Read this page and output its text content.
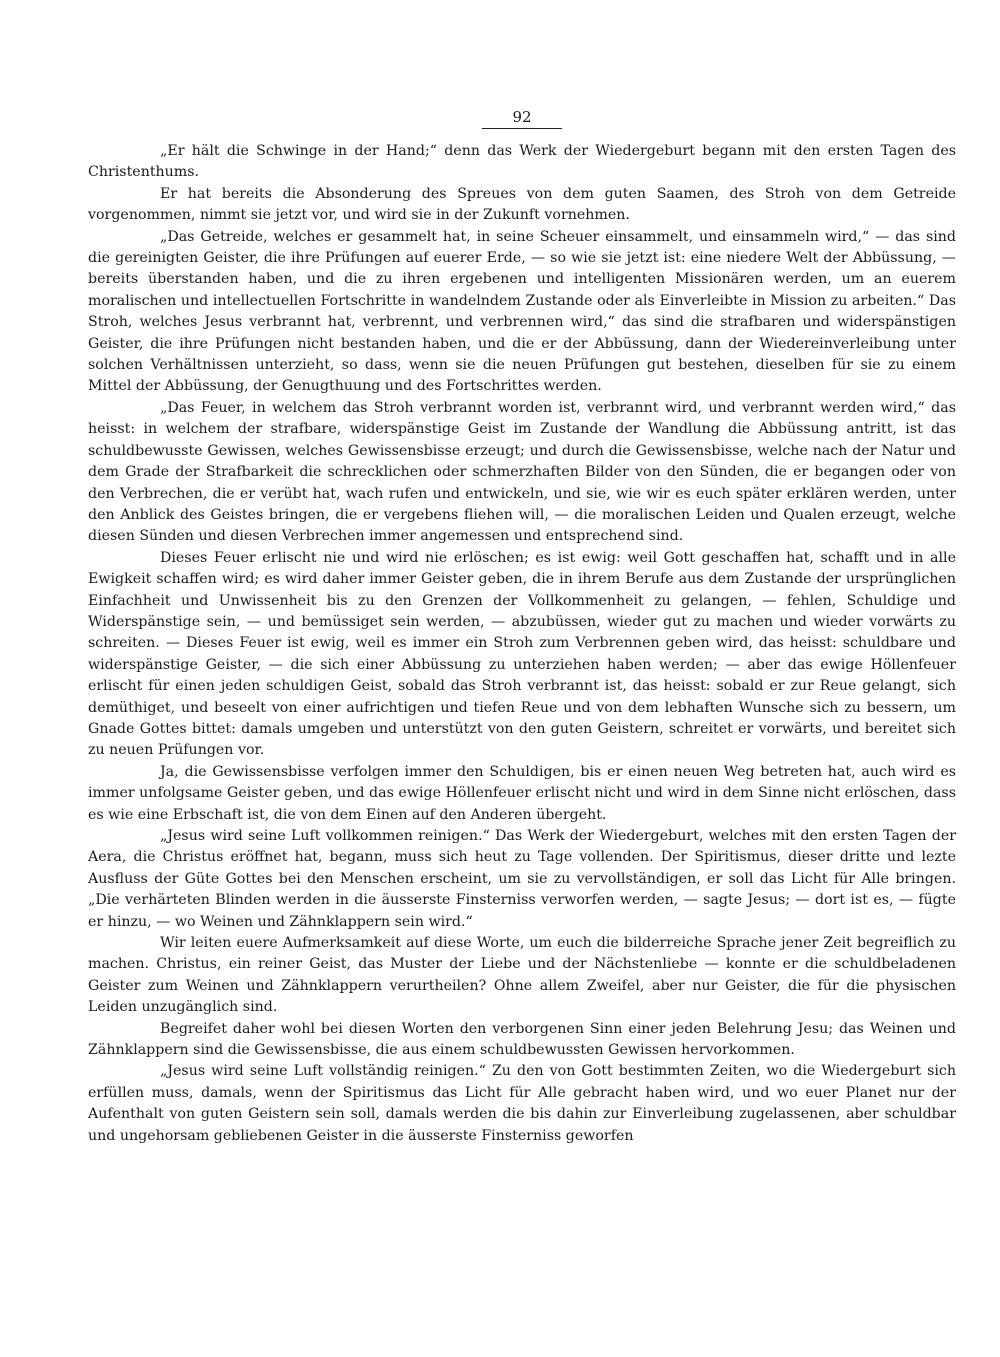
92

„Er hält die Schwinge in der Hand;“ denn das Werk der Wiedergeburt begann mit den ersten Tagen des Christenthums.

Er hat bereits die Absonderung des Spreues von dem guten Saamen, des Stroh von dem Getreide vorgenommen, nimmt sie jetzt vor, und wird sie in der Zukunft vornehmen.

„Das Getreide, welches er gesammelt hat, in seine Scheuer einsammelt, und einsammeln wird,“ — das sind die gereinigten Geister, die ihre Prüfungen auf euerer Erde, — so wie sie jetzt ist: eine niedere Welt der Abbüssung, — bereits überstanden haben, und die zu ihren ergebenen und intelligenten Missionären werden, um an euerem moralischen und intellectuellen Fortschritte in wandelndem Zustande oder als Einverleibte in Mission zu arbeiten.“ Das Stroh, welches Jesus verbrannt hat, verbrennt, und verbrennen wird,“ das sind die strafbaren und widerspänstigen Geister, die ihre Prüfungen nicht bestanden haben, und die er der Abbüssung, dann der Wiedereinverleibung unter solchen Verhältnissen unterzieht, so dass, wenn sie die neuen Prüfungen gut bestehen, dieselben für sie zu einem Mittel der Abbüssung, der Genugthuung und des Fortschrittes werden.

„Das Feuer, in welchem das Stroh verbrannt worden ist, verbrannt wird, und verbrannt werden wird,“ das heisst: in welchem der strafbare, widerspänstige Geist im Zustande der Wandlung die Abbüssung antritt, ist das schuldbewusste Gewissen, welches Gewissensbisse erzeugt; und durch die Gewissensbisse, welche nach der Natur und dem Grade der Strafbarkeit die schrecklichen oder schmerzhaften Bilder von den Sünden, die er begangen oder von den Verbrechen, die er verübt hat, wach rufen und entwickeln, und sie, wie wir es euch später erklären werden, unter den Anblick des Geistes bringen, die er vergebens fliehen will, — die moralischen Leiden und Qualen erzeugt, welche diesen Sünden und diesen Verbrechen immer angemessen und entsprechend sind.

Dieses Feuer erlischt nie und wird nie erlöschen; es ist ewig: weil Gott geschaffen hat, schafft und in alle Ewigkeit schaffen wird; es wird daher immer Geister geben, die in ihrem Berufe aus dem Zustande der ursprünglichen Einfachheit und Unwissenheit bis zu den Grenzen der Vollkommenheit zu gelangen, — fehlen, Schuldige und Widerspänstige sein, — und bemüssiget sein werden, — abzubüssen, wieder gut zu machen und wieder vorwärts zu schreiten. — Dieses Feuer ist ewig, weil es immer ein Stroh zum Verbrennen geben wird, das heisst: schuldbare und widerspänstige Geister, — die sich einer Abbüssung zu unterziehen haben werden; — aber das ewige Höllenfeuer erlischt für einen jeden schuldigen Geist, sobald das Stroh verbrannt ist, das heisst: sobald er zur Reue gelangt, sich demüthiget, und beseelt von einer aufrichtigen und tiefen Reue und von dem lebhaften Wunsche sich zu bessern, um Gnade Gottes bittet: damals umgeben und unterstützt von den guten Geistern, schreitet er vorwärts, und bereitet sich zu neuen Prüfungen vor.

Ja, die Gewissensbisse verfolgen immer den Schuldigen, bis er einen neuen Weg betreten hat, auch wird es immer unfolgsame Geister geben, und das ewige Höllenfeuer erlischt nicht und wird in dem Sinne nicht erlöschen, dass es wie eine Erbschaft ist, die von dem Einen auf den Anderen übergeht.

„Jesus wird seine Luft vollkommen reinigen.“ Das Werk der Wiedergeburt, welches mit den ersten Tagen der Aera, die Christus eröffnet hat, begann, muss sich heut zu Tage vollenden. Der Spiritismus, dieser dritte und lezte Ausfluss der Güte Gottes bei den Menschen erscheint, um sie zu vervollständigen, er soll das Licht für Alle bringen. „Die verhärteten Blinden werden in die äusserste Finsterniss verworfen werden, — sagte Jesus; — dort ist es, — fügte er hinzu, — wo Weinen und Zähnklappern sein wird.“

Wir leiten euere Aufmerksamkeit auf diese Worte, um euch die bilderreiche Sprache jener Zeit begreiflich zu machen. Christus, ein reiner Geist, das Muster der Liebe und der Nächstenliebe — konnte er die schuldbeladenen Geister zum Weinen und Zähnklappern verurtheilen? Ohne allem Zweifel, aber nur Geister, die für die physischen Leiden unzugänglich sind.

Begreifet daher wohl bei diesen Worten den verborgenen Sinn einer jeden Belehrung Jesu; das Weinen und Zähnklappern sind die Gewissensbisse, die aus einem schuldbewussten Gewissen hervorkommen.

„Jesus wird seine Luft vollständig reinigen.“ Zu den von Gott bestimmten Zeiten, wo die Wiedergeburt sich erfüllen muss, damals, wenn der Spiritismus das Licht für Alle gebracht haben wird, und wo euer Planet nur der Aufenthalt von guten Geistern sein soll, damals werden die bis dahin zur Einverleibung zugelassenen, aber schuldbar und ungehorsam gebliebenen Geister in die äusserste Finsterniss geworfen
